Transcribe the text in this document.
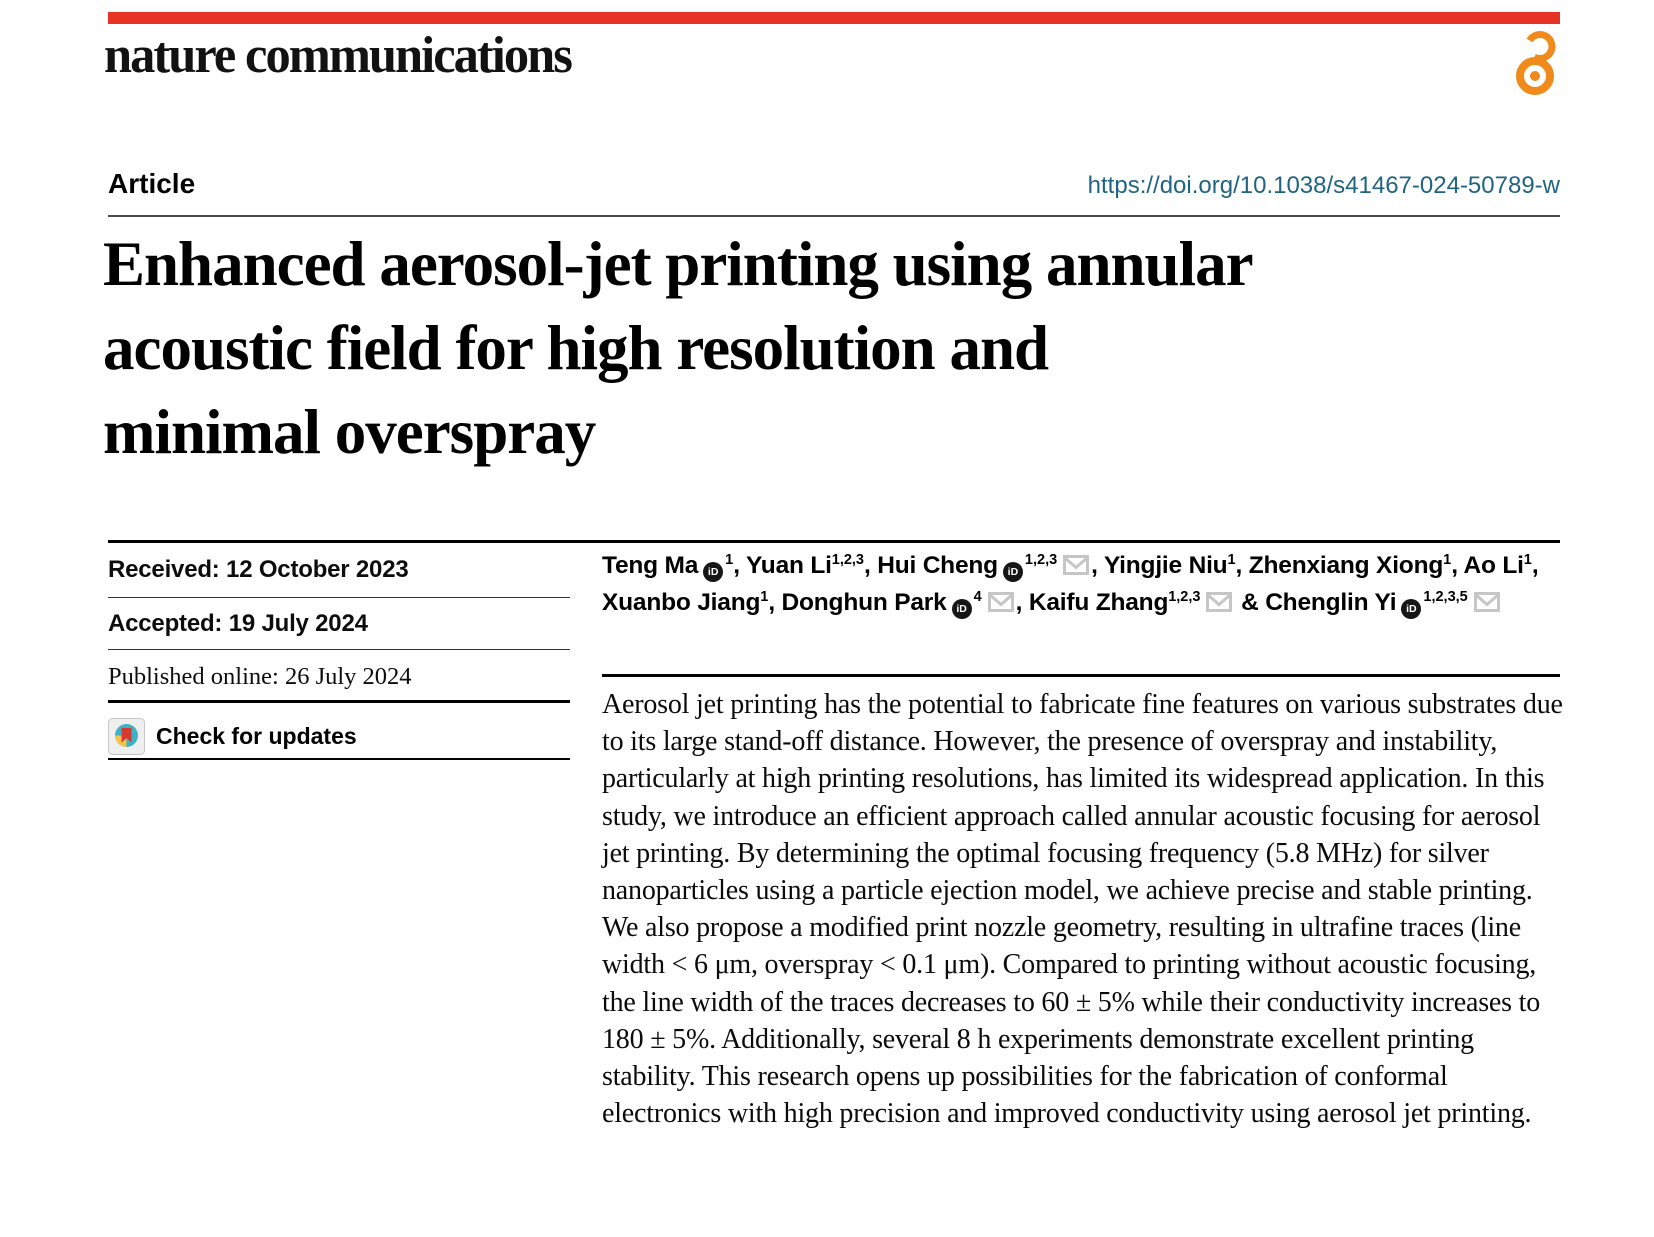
nature communications
Article	https://doi.org/10.1038/s41467-024-50789-w
Enhanced aerosol-jet printing using annular
acoustic field for high resolution and
minimal overspray
Received: 12 October 2023
Accepted: 19 July 2024
Published online: 26 July 2024
Check for updates
Teng Ma $iD^1$, Yuan Li$^{1,2,3}$, Hui Cheng iD$^{1,2,3}$ , Yingjie Niu$^1$, Zhenxiang Xiong$^1$, Ao Li$^1$,
Xuanbo Jiang$^1$, Donghun Park $iD^4$ , Kaifu Zhang$^{1,2,3}$ & Chenglin Yi iD$^{1,2,3,5}$
Aerosol jet printing has the potential to fabricate fine features on various substrates due to its large stand-off distance. However, the presence of overspray and instability, particularly at high printing resolutions, has limited its widespread application. In this study, we introduce an efficient approach called annular acoustic focusing for aerosol jet printing. By determining the optimal focusing frequency (5.8 MHz) for silver nanoparticles using a particle ejection model, we achieve precise and stable printing. We also propose a modified print nozzle geometry, resulting in ultrafine traces (line width < 6 μm, overspray < 0.1 μm). Compared to printing without acoustic focusing, the line width of the traces decreases to 60 ± 5% while their conductivity increases to 180 ± 5%. Additionally, several 8 h experiments demonstrate excellent printing stability. This research opens up possibilities for the fabrication of conformal electronics with high precision and improved conductivity using aerosol jet printing.
